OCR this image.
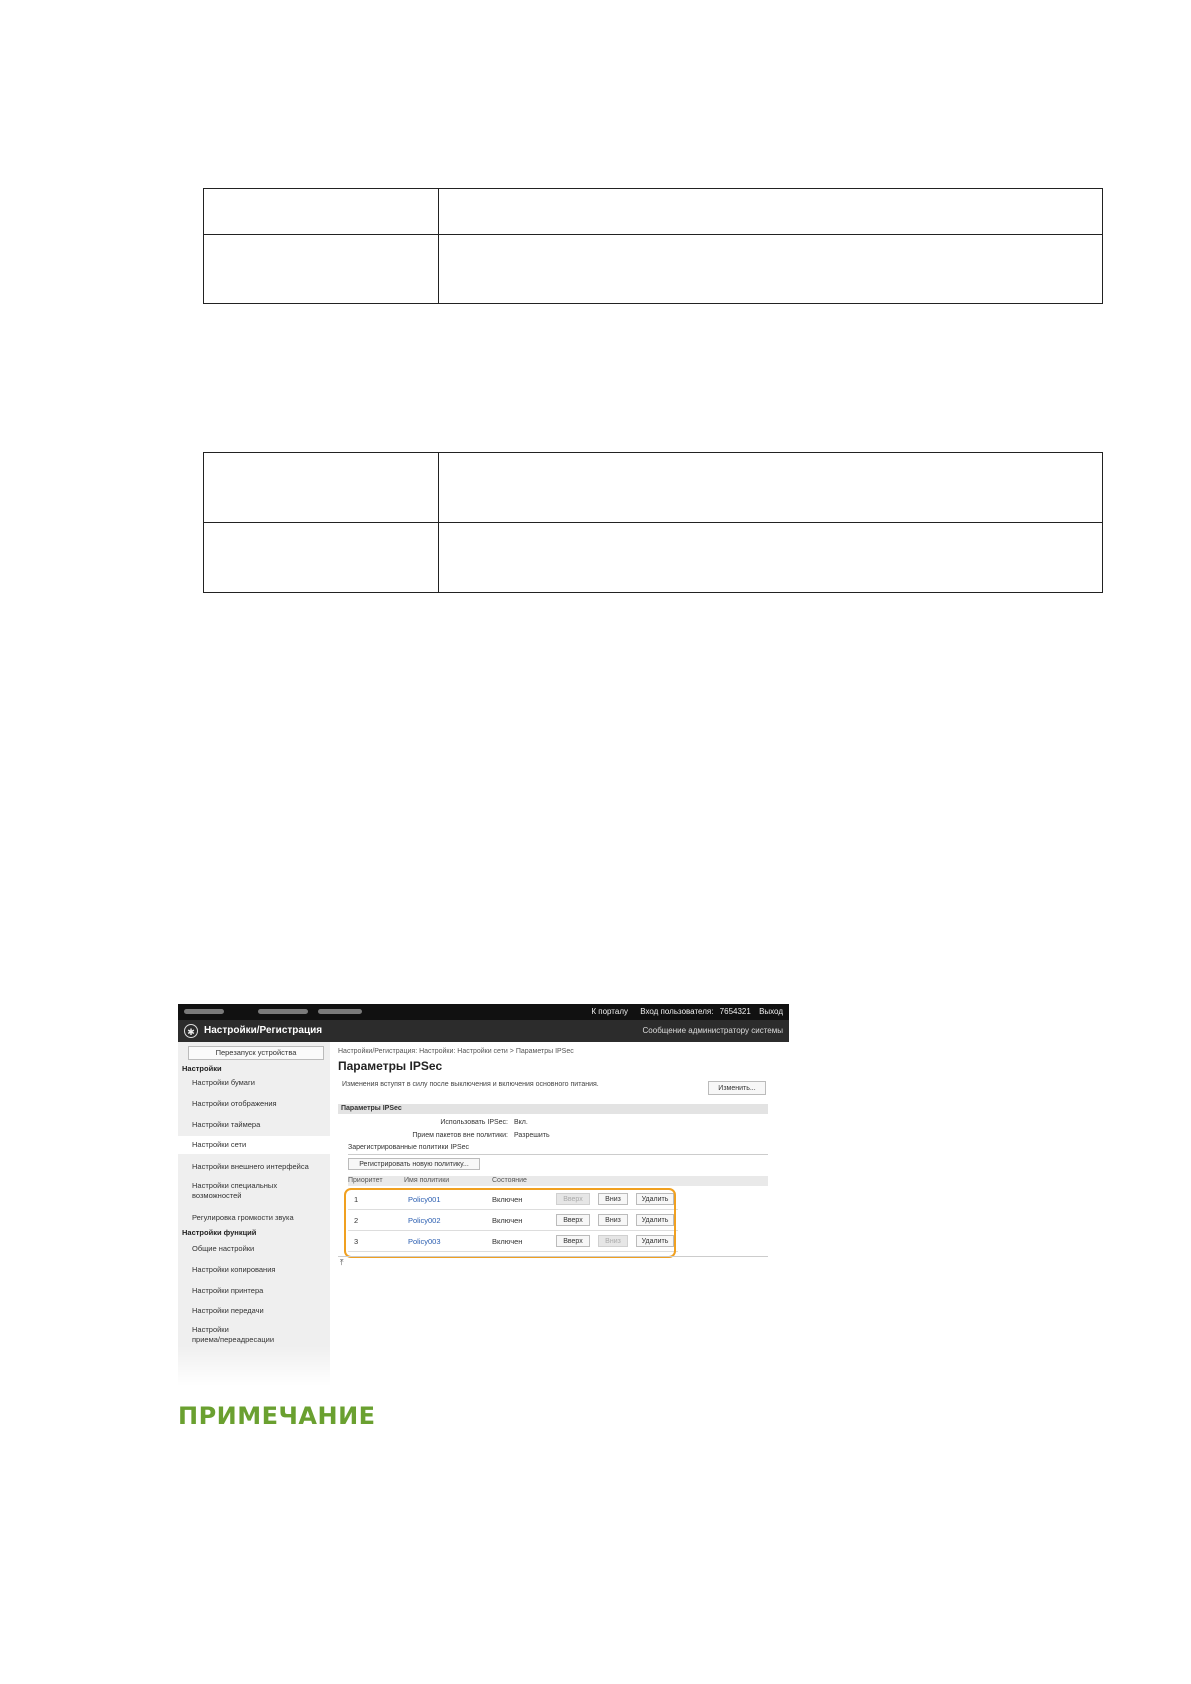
К порталу Вход пользователя: 7654321 Выход
✱ Настройки/Регистрация	Сообщение администратору системы
Перезапуск устройства
Настройки
Настройки бумаги
Настройки отображения
Настройки таймера
Настройки сети
Настройки внешнего интерфейса
Настройки специальных
возможностей
Регулировка громкости звука
Настройки функций
Общие настройки
Настройки копирования
Настройки принтера
Настройки передачи
Настройки
приема/переадресации
Настройки/Регистрация: Настройки: Настройки сети > Параметры IPSec
Параметры IPSec
Изменения вступят в силу после выключения и включения основного питания.
Изменить...
Параметры IPSec
Использовать IPSec: Вкл.
Прием пакетов вне политики: Разрешить
Зарегистрированные политики IPSec
Регистрировать новую политику...
Приоритет	Имя политики	Состояние
1	Policy001	Включен	Вверх	Вниз	Удалить
2	Policy002	Включен	Вверх	Вниз	Удалить
3	Policy003	Включен	Вверх	Вниз	Удалить
⤒
ПРИМЕЧАНИЕ
